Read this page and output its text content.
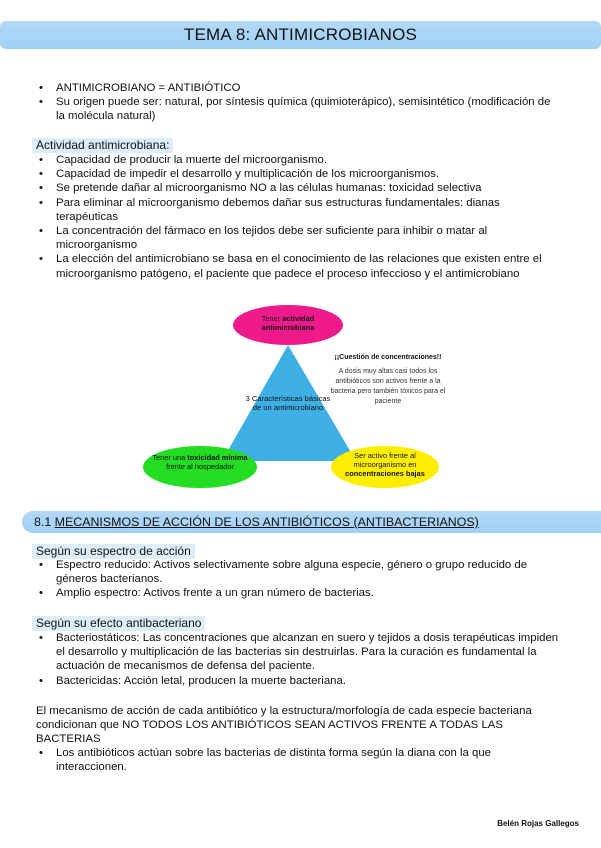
TEMA 8: ANTIMICROBIANOS
• ANTIMICROBIANO = ANTIBIÓTICO
• Su origen puede ser: natural, por síntesis química (quimioterápico), semisintético (modificación de la molécula natural)
Actividad antimicrobiana:
• Capacidad de producir la muerte del microorganismo.
• Capacidad de impedir el desarrollo y multiplicación de los microorganismos.
• Se pretende dañar al microorganismo NO a las células humanas: toxicidad selectiva
• Para eliminar al microorganismo debemos dañar sus estructuras fundamentales: dianas terapéuticas
• La concentración del fármaco en los tejidos debe ser suficiente para inhibir o matar al microorganismo
• La elección del antimicrobiano se basa en el conocimiento de las relaciones que existen entre el microorganismo patógeno, el paciente que padece el proceso infeccioso y el antimicrobiano
Tener actividad antimicrobiana
3 Características básicas de un antimicrobiano
Tener una toxicidad mínima frente al hospedador
Ser activo frente al microorganismo en concentraciones bajas
¡¡Cuestión de concentraciones!!
A dosis muy altas casi todos los antibióticos son activos frente a la bacteria pero también tóxicos para el paciente
8.1 MECANISMOS DE ACCIÓN DE LOS ANTIBIÓTICOS (ANTIBACTERIANOS)
Según su espectro de acción
• Espectro reducido: Activos selectivamente sobre alguna especie, género o grupo reducido de géneros bacterianos.
• Amplio espectro: Activos frente a un gran número de bacterias.
Según su efecto antibacteriano
• Bacteriostáticos: Las concentraciones que alcanzan en suero y tejidos a dosis terapéuticas impiden el desarrollo y multiplicación de las bacterias sin destruirlas. Para la curación es fundamental la actuación de mecanismos de defensa del paciente.
• Bactericidas: Acción letal, producen la muerte bacteriana.

El mecanismo de acción de cada antibiótico y la estructura/morfología de cada especie bacteriana condicionan que NO TODOS LOS ANTIBIÓTICOS SEAN ACTIVOS FRENTE A TODAS LAS BACTERIAS

• Los antibióticos actúan sobre las bacterias de distinta forma según la diana con la que interaccionen.
Belén Rojas Gallegos
